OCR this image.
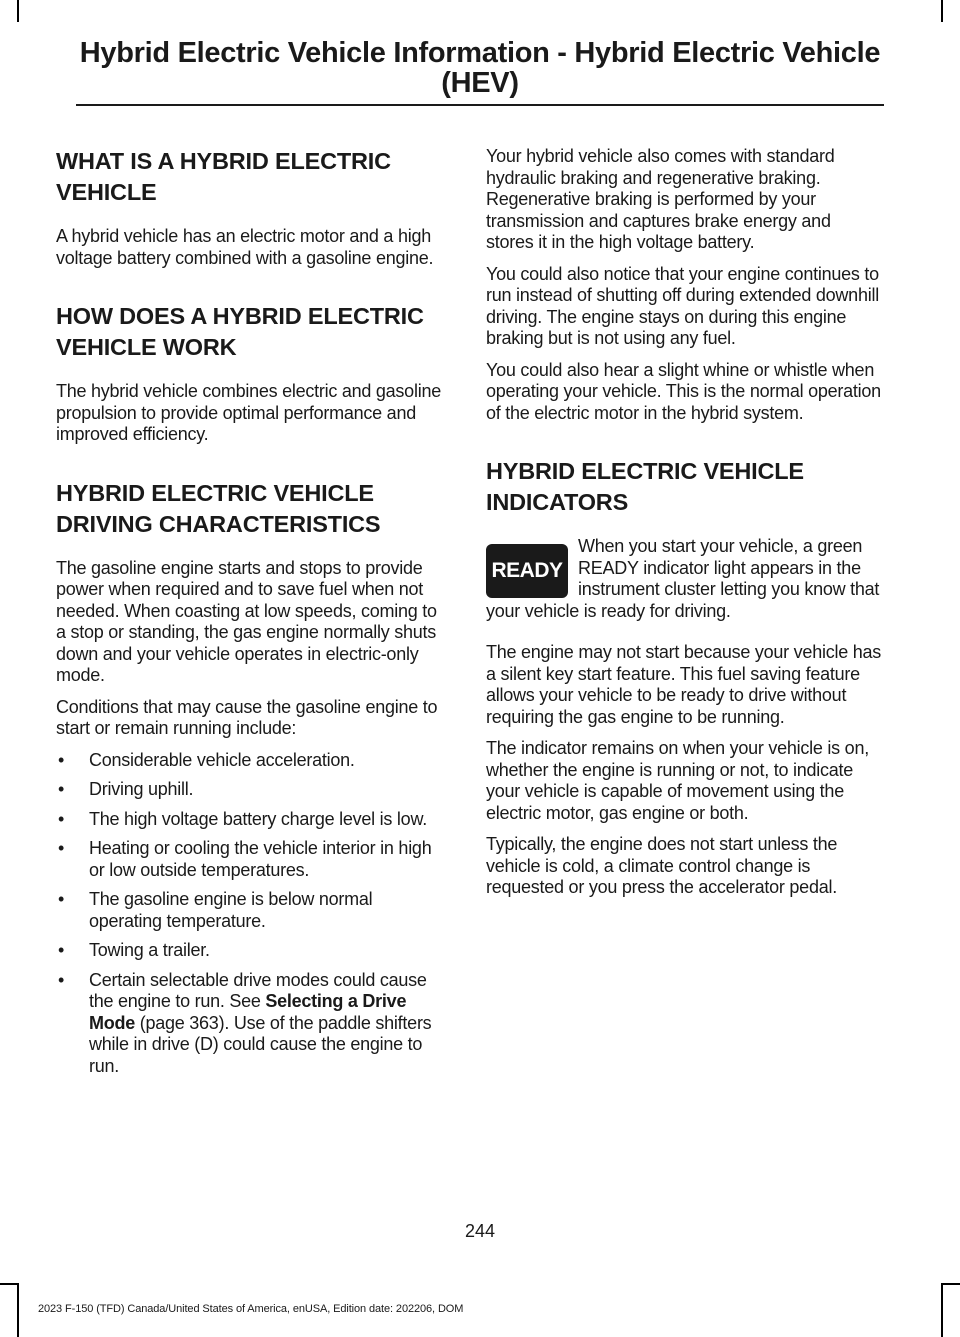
Hybrid Electric Vehicle Information - Hybrid Electric Vehicle
(HEV)
WHAT IS A HYBRID ELECTRIC VEHICLE

A hybrid vehicle has an electric motor and a high voltage battery combined with a gasoline engine.

HOW DOES A HYBRID ELECTRIC VEHICLE WORK

The hybrid vehicle combines electric and gasoline propulsion to provide optimal performance and improved efficiency.

HYBRID ELECTRIC VEHICLE DRIVING CHARACTERISTICS

The gasoline engine starts and stops to provide power when required and to save fuel when not needed. When coasting at low speeds, coming to a stop or standing, the gas engine normally shuts down and your vehicle operates in electric-only mode.

Conditions that may cause the gasoline engine to start or remain running include:

• Considerable vehicle acceleration.
• Driving uphill.
• The high voltage battery charge level is low.
• Heating or cooling the vehicle interior in high or low outside temperatures.
• The gasoline engine is below normal operating temperature.
• Towing a trailer.
• Certain selectable drive modes could cause the engine to run. See Selecting a Drive Mode (page 363). Use of the paddle shifters while in drive (D) could cause the engine to run.

Your hybrid vehicle also comes with standard hydraulic braking and regenerative braking. Regenerative braking is performed by your transmission and captures brake energy and stores it in the high voltage battery.

You could also notice that your engine continues to run instead of shutting off during extended downhill driving. The engine stays on during this engine braking but is not using any fuel.

You could also hear a slight whine or whistle when operating your vehicle. This is the normal operation of the electric motor in the hybrid system.

HYBRID ELECTRIC VEHICLE INDICATORS
READY

When you start your vehicle, a green READY indicator light appears in the instrument cluster letting you know that your vehicle is ready for driving.

The engine may not start because your vehicle has a silent key start feature. This fuel saving feature allows your vehicle to be ready to drive without requiring the gas engine to be running.

The indicator remains on when your vehicle is on, whether the engine is running or not, to indicate your vehicle is capable of movement using the electric motor, gas engine or both.

Typically, the engine does not start unless the vehicle is cold, a climate control change is requested or you press the accelerator pedal.

244
2023 F-150 (TFD) Canada/United States of America, enUSA, Edition date: 202206, DOM
